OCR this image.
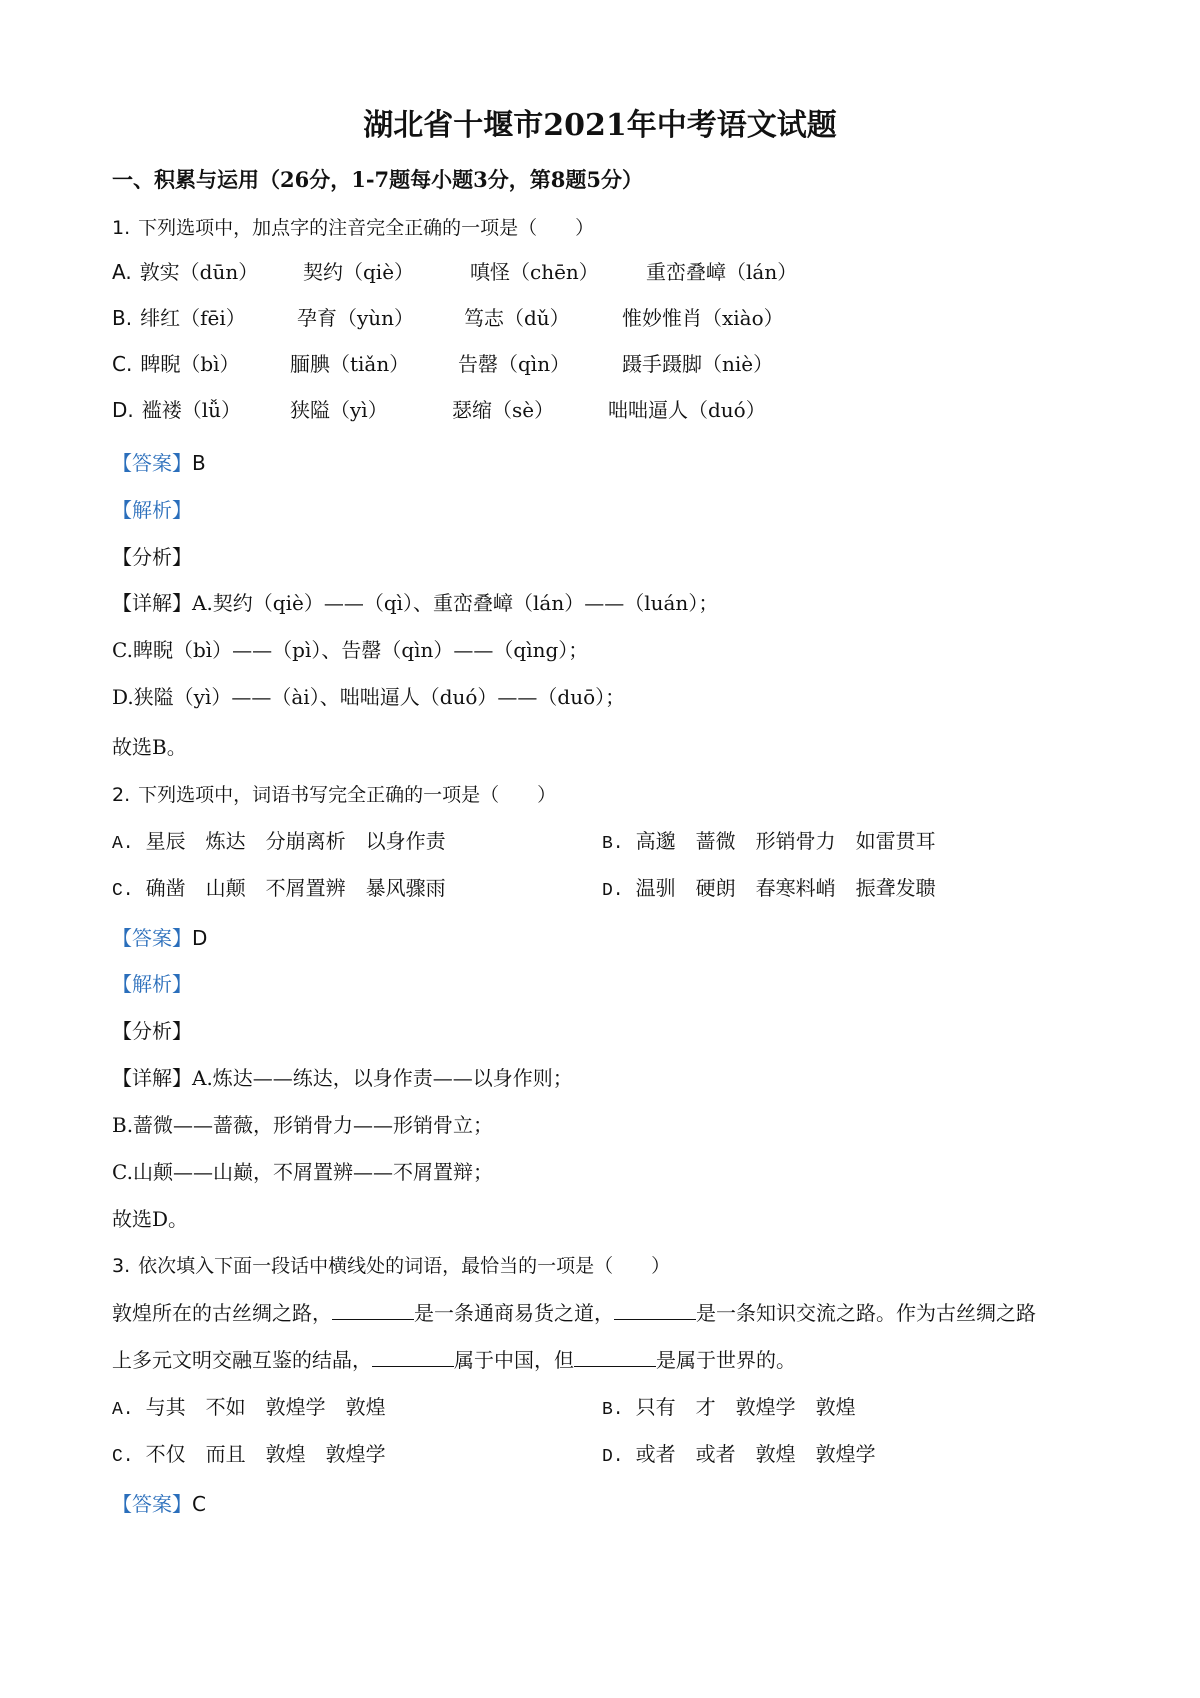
湖北省十堰市2021年中考语文试题
一、积累与运用（26分，1-7题每小题3分，第8题5分）
1. 下列选项中，加点字的注音完全正确的一项是（　　）
A. 敦实（dūn） 契约（qiè）	嗔怪（chēn） 重峦叠嶂（lán）
B. 绯红（fēi）	孕育（yùn） 笃志（dǔ）	惟妙惟肖（xiào）
C. 睥睨（bì）	腼腆（tiǎn） 告罄（qìn）	蹑手蹑脚（niè）
D. 褴褛（lǚ） 狭隘（yì）	瑟缩（sè）	咄咄逼人（duó）
【答案】B
【解析】
【分析】
【详解】A.契约（qiè）——（qì）、重峦叠嶂（lán）——（luán）；
C.睥睨（bì）——（pì）、告罄（qìn）——（qìng）；
D.狭隘（yì）——（ài）、咄咄逼人（duó）——（duō）；
故选B。
2. 下列选项中，词语书写完全正确的一项是（　　）
A. 星辰　炼达　分崩离析　以身作责	B. 高邈　蔷微　形销骨力　如雷贯耳
C. 确凿　山颠　不屑置辨　暴风骤雨	D. 温驯　硬朗　春寒料峭　振聋发聩
【答案】D
【解析】
【分析】
【详解】A.炼达——练达，以身作责——以身作则；
B.蔷微——蔷薇，形销骨力——形销骨立；
C.山颠——山巅，不屑置辨——不屑置辩；
故选D。
3. 依次填入下面一段话中横线处的词语，最恰当的一项是（　　）
敦煌所在的古丝绸之路，	是一条通商易货之道，	是一条知识交流之路。作为古丝绸之路
上多元文明交融互鉴的结晶，	属于中国，但	是属于世界的。
A. 与其　不如　敦煌学　敦煌	B. 只有　才　敦煌学　敦煌
C. 不仅　而且　敦煌　敦煌学	D. 或者　或者　敦煌　敦煌学
【答案】C
